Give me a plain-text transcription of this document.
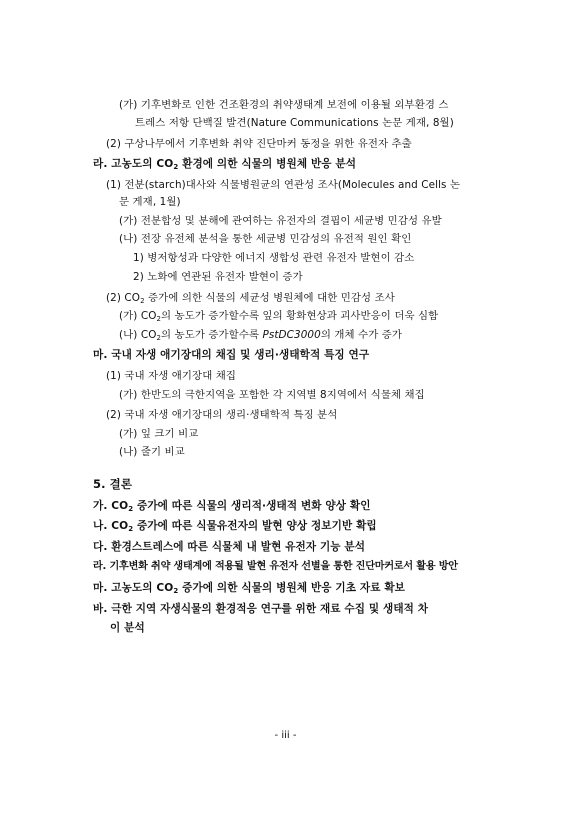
(가) 기후변화로 인한 건조환경의 취약생태계 보전에 이용될 외부환경 스
트레스 저항 단백질 발견(Nature Communications 논문 게재, 8월)
(2) 구상나무에서 기후변화 취약 진단마커 동정을 위한 유전자 추출
라. 고농도의 $CO_2$ 환경에 의한 식물의 병원체 반응 분석
(1) 전분(starch)대사와 식물병원균의 연관성 조사(Molecules and Cells 논
문 게재, 1월)
(가) 전분합성 및 분해에 관여하는 유전자의 결핍이 세균병 민감성 유발
(나) 전장 유전체 분석을 통한 세균병 민감성의 유전적 원인 확인
1) 병저항성과 다양한 에너지 생합성 관련 유전자 발현이 감소
2) 노화에 연관된 유전자 발현이 증가
(2) $CO_2$ 증가에 의한 식물의 세균성 병원체에 대한 민감성 조사
(가) $CO_2$의 농도가 증가할수록 잎의 황화현상과 괴사반응이 더욱 심함
(나) $CO_2$의 농도가 증가할수록 PstDC3000의 개체 수가 증가
마. 국내 자생 애기장대의 채집 및 생리·생태학적 특징 연구
(1) 국내 자생 애기장대 채집
(가) 한반도의 극한지역을 포함한 각 지역별 8지역에서 식물체 채집
(2) 국내 자생 애기장대의 생리·생태학적 특징 분석
(가) 잎 크기 비교
(나) 줄기 비교
5. 결론
가. $CO_2$ 증가에 따른 식물의 생리적·생태적 변화 양상 확인
나. $CO_2$ 증가에 따른 식물유전자의 발현 양상 정보기반 확립
다. 환경스트레스에 따른 식물체 내 발현 유전자 기능 분석
라. 기후변화 취약 생태계에 적용될 발현 유전자 선별을 통한 진단마커로서 활용 방안
마. 고농도의 $CO_2$ 증가에 의한 식물의 병원체 반응 기초 자료 확보
바. 극한 지역 자생식물의 환경적응 연구를 위한 재료 수집 및 생태적 차
이 분석
- iii -
